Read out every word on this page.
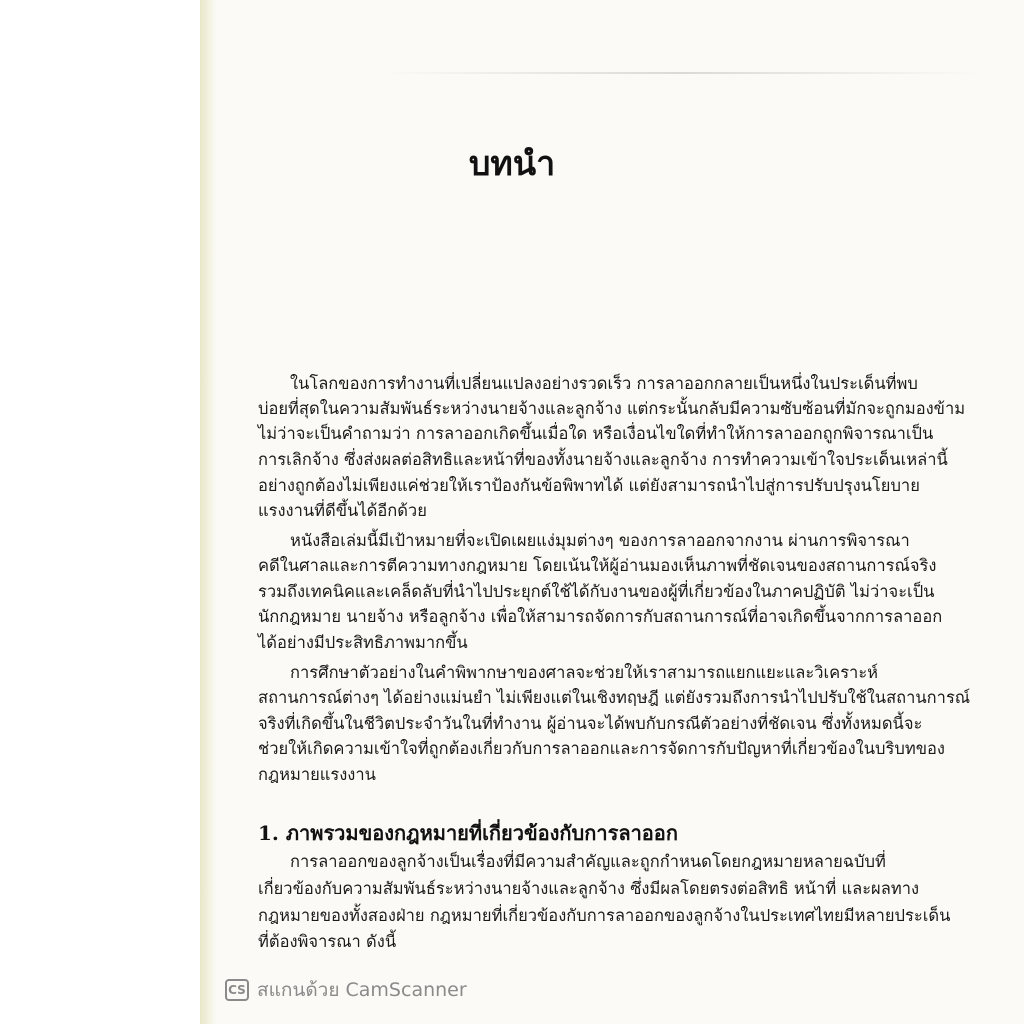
บทนำ
ในโลกของการทำงานที่เปลี่ยนแปลงอย่างรวดเร็ว การลาออกกลายเป็นหนึ่งในประเด็นที่พบ
บ่อยที่สุดในความสัมพันธ์ระหว่างนายจ้างและลูกจ้าง แต่กระนั้นกลับมีความซับซ้อนที่มักจะถูกมองข้าม
ไม่ว่าจะเป็นคำถามว่า การลาออกเกิดขึ้นเมื่อใด หรือเงื่อนไขใดที่ทำให้การลาออกถูกพิจารณาเป็น
การเลิกจ้าง ซึ่งส่งผลต่อสิทธิและหน้าที่ของทั้งนายจ้างและลูกจ้าง การทำความเข้าใจประเด็นเหล่านี้
อย่างถูกต้องไม่เพียงแค่ช่วยให้เราป้องกันข้อพิพาทได้ แต่ยังสามารถนำไปสู่การปรับปรุงนโยบาย
แรงงานที่ดีขึ้นได้อีกด้วย
หนังสือเล่มนี้มีเป้าหมายที่จะเปิดเผยแง่มุมต่างๆ ของการลาออกจากงาน ผ่านการพิจารณา
คดีในศาลและการตีความทางกฎหมาย โดยเน้นให้ผู้อ่านมองเห็นภาพที่ชัดเจนของสถานการณ์จริง
รวมถึงเทคนิคและเคล็ดลับที่นำไปประยุกต์ใช้ได้กับงานของผู้ที่เกี่ยวข้องในภาคปฏิบัติ ไม่ว่าจะเป็น
นักกฎหมาย นายจ้าง หรือลูกจ้าง เพื่อให้สามารถจัดการกับสถานการณ์ที่อาจเกิดขึ้นจากการลาออก
ได้อย่างมีประสิทธิภาพมากขึ้น
การศึกษาตัวอย่างในคำพิพากษาของศาลจะช่วยให้เราสามารถแยกแยะและวิเคราะห์
สถานการณ์ต่างๆ ได้อย่างแม่นยำ ไม่เพียงแต่ในเชิงทฤษฎี แต่ยังรวมถึงการนำไปปรับใช้ในสถานการณ์
จริงที่เกิดขึ้นในชีวิตประจำวันในที่ทำงาน ผู้อ่านจะได้พบกับกรณีตัวอย่างที่ชัดเจน ซึ่งทั้งหมดนี้จะ
ช่วยให้เกิดความเข้าใจที่ถูกต้องเกี่ยวกับการลาออกและการจัดการกับปัญหาที่เกี่ยวข้องในบริบทของ
กฎหมายแรงงาน
1. ภาพรวมของกฎหมายที่เกี่ยวข้องกับการลาออก
การลาออกของลูกจ้างเป็นเรื่องที่มีความสำคัญและถูกกำหนดโดยกฎหมายหลายฉบับที่
เกี่ยวข้องกับความสัมพันธ์ระหว่างนายจ้างและลูกจ้าง ซึ่งมีผลโดยตรงต่อสิทธิ หน้าที่ และผลทาง
กฎหมายของทั้งสองฝ่าย กฎหมายที่เกี่ยวข้องกับการลาออกของลูกจ้างในประเทศไทยมีหลายประเด็น
ที่ต้องพิจารณา ดังนี้
CS สแกนด้วย CamScanner
